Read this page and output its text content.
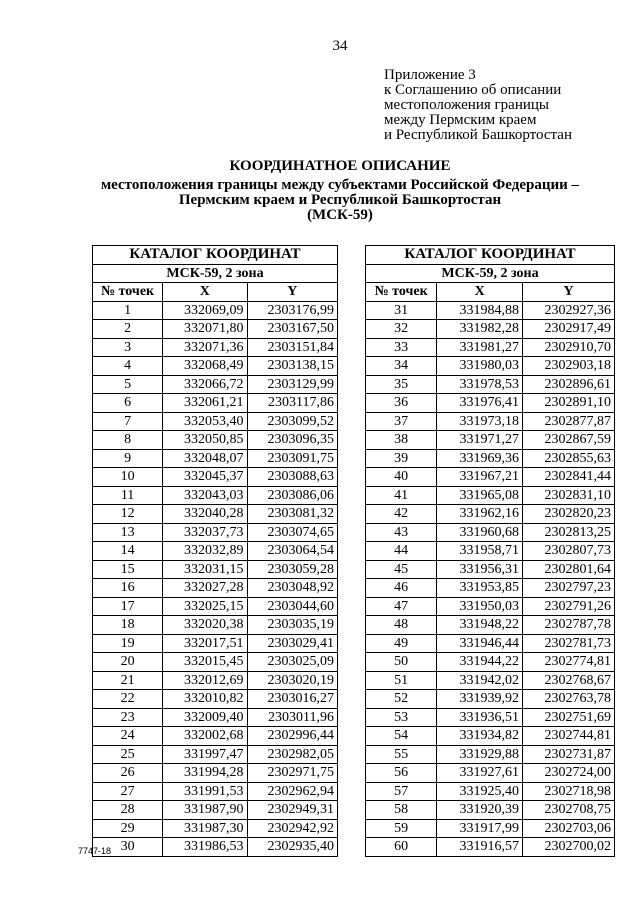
34
Приложение 3
к Соглашению об описании
местоположения границы
между Пермским краем
и Республикой Башкортостан
КООРДИНАТНОЕ ОПИСАНИЕ
местоположения границы между субъектами Российской Федерации –
Пермским краем и Республикой Башкортостан
(МСК-59)
КАТАЛОГ КООРДИНАТ		
МСК-59, 2 зона		
№ точек	X	Y
1	332069,09	2303176,99
2	332071,80	2303167,50
3	332071,36	2303151,84
4	332068,49	2303138,15
5	332066,72	2303129,99
6	332061,21	2303117,86
7	332053,40	2303099,52
8	332050,85	2303096,35
9	332048,07	2303091,75
10	332045,37	2303088,63
11	332043,03	2303086,06
12	332040,28	2303081,32
13	332037,73	2303074,65
14	332032,89	2303064,54
15	332031,15	2303059,28
16	332027,28	2303048,92
17	332025,15	2303044,60
18	332020,38	2303035,19
19	332017,51	2303029,41
20	332015,45	2303025,09
21	332012,69	2303020,19
22	332010,82	2303016,27
23	332009,40	2303011,96
24	332002,68	2302996,44
25	331997,47	2302982,05
26	331994,28	2302971,75
27	331991,53	2302962,94
28	331987,90	2302949,31
29	331987,30	2302942,92
30	331986,53	2302935,40
КАТАЛОГ КООРДИНАТ		
МСК-59, 2 зона		
№ точек	X	Y
31	331984,88	2302927,36
32	331982,28	2302917,49
33	331981,27	2302910,70
34	331980,03	2302903,18
35	331978,53	2302896,61
36	331976,41	2302891,10
37	331973,18	2302877,87
38	331971,27	2302867,59
39	331969,36	2302855,63
40	331967,21	2302841,44
41	331965,08	2302831,10
42	331962,16	2302820,23
43	331960,68	2302813,25
44	331958,71	2302807,73
45	331956,31	2302801,64
46	331953,85	2302797,23
47	331950,03	2302791,26
48	331948,22	2302787,78
49	331946,44	2302781,73
50	331944,22	2302774,81
51	331942,02	2302768,67
52	331939,92	2302763,78
53	331936,51	2302751,69
54	331934,82	2302744,81
55	331929,88	2302731,87
56	331927,61	2302724,00
57	331925,40	2302718,98
58	331920,39	2302708,75
59	331917,99	2302703,06
60	331916,57	2302700,02
7747-18
